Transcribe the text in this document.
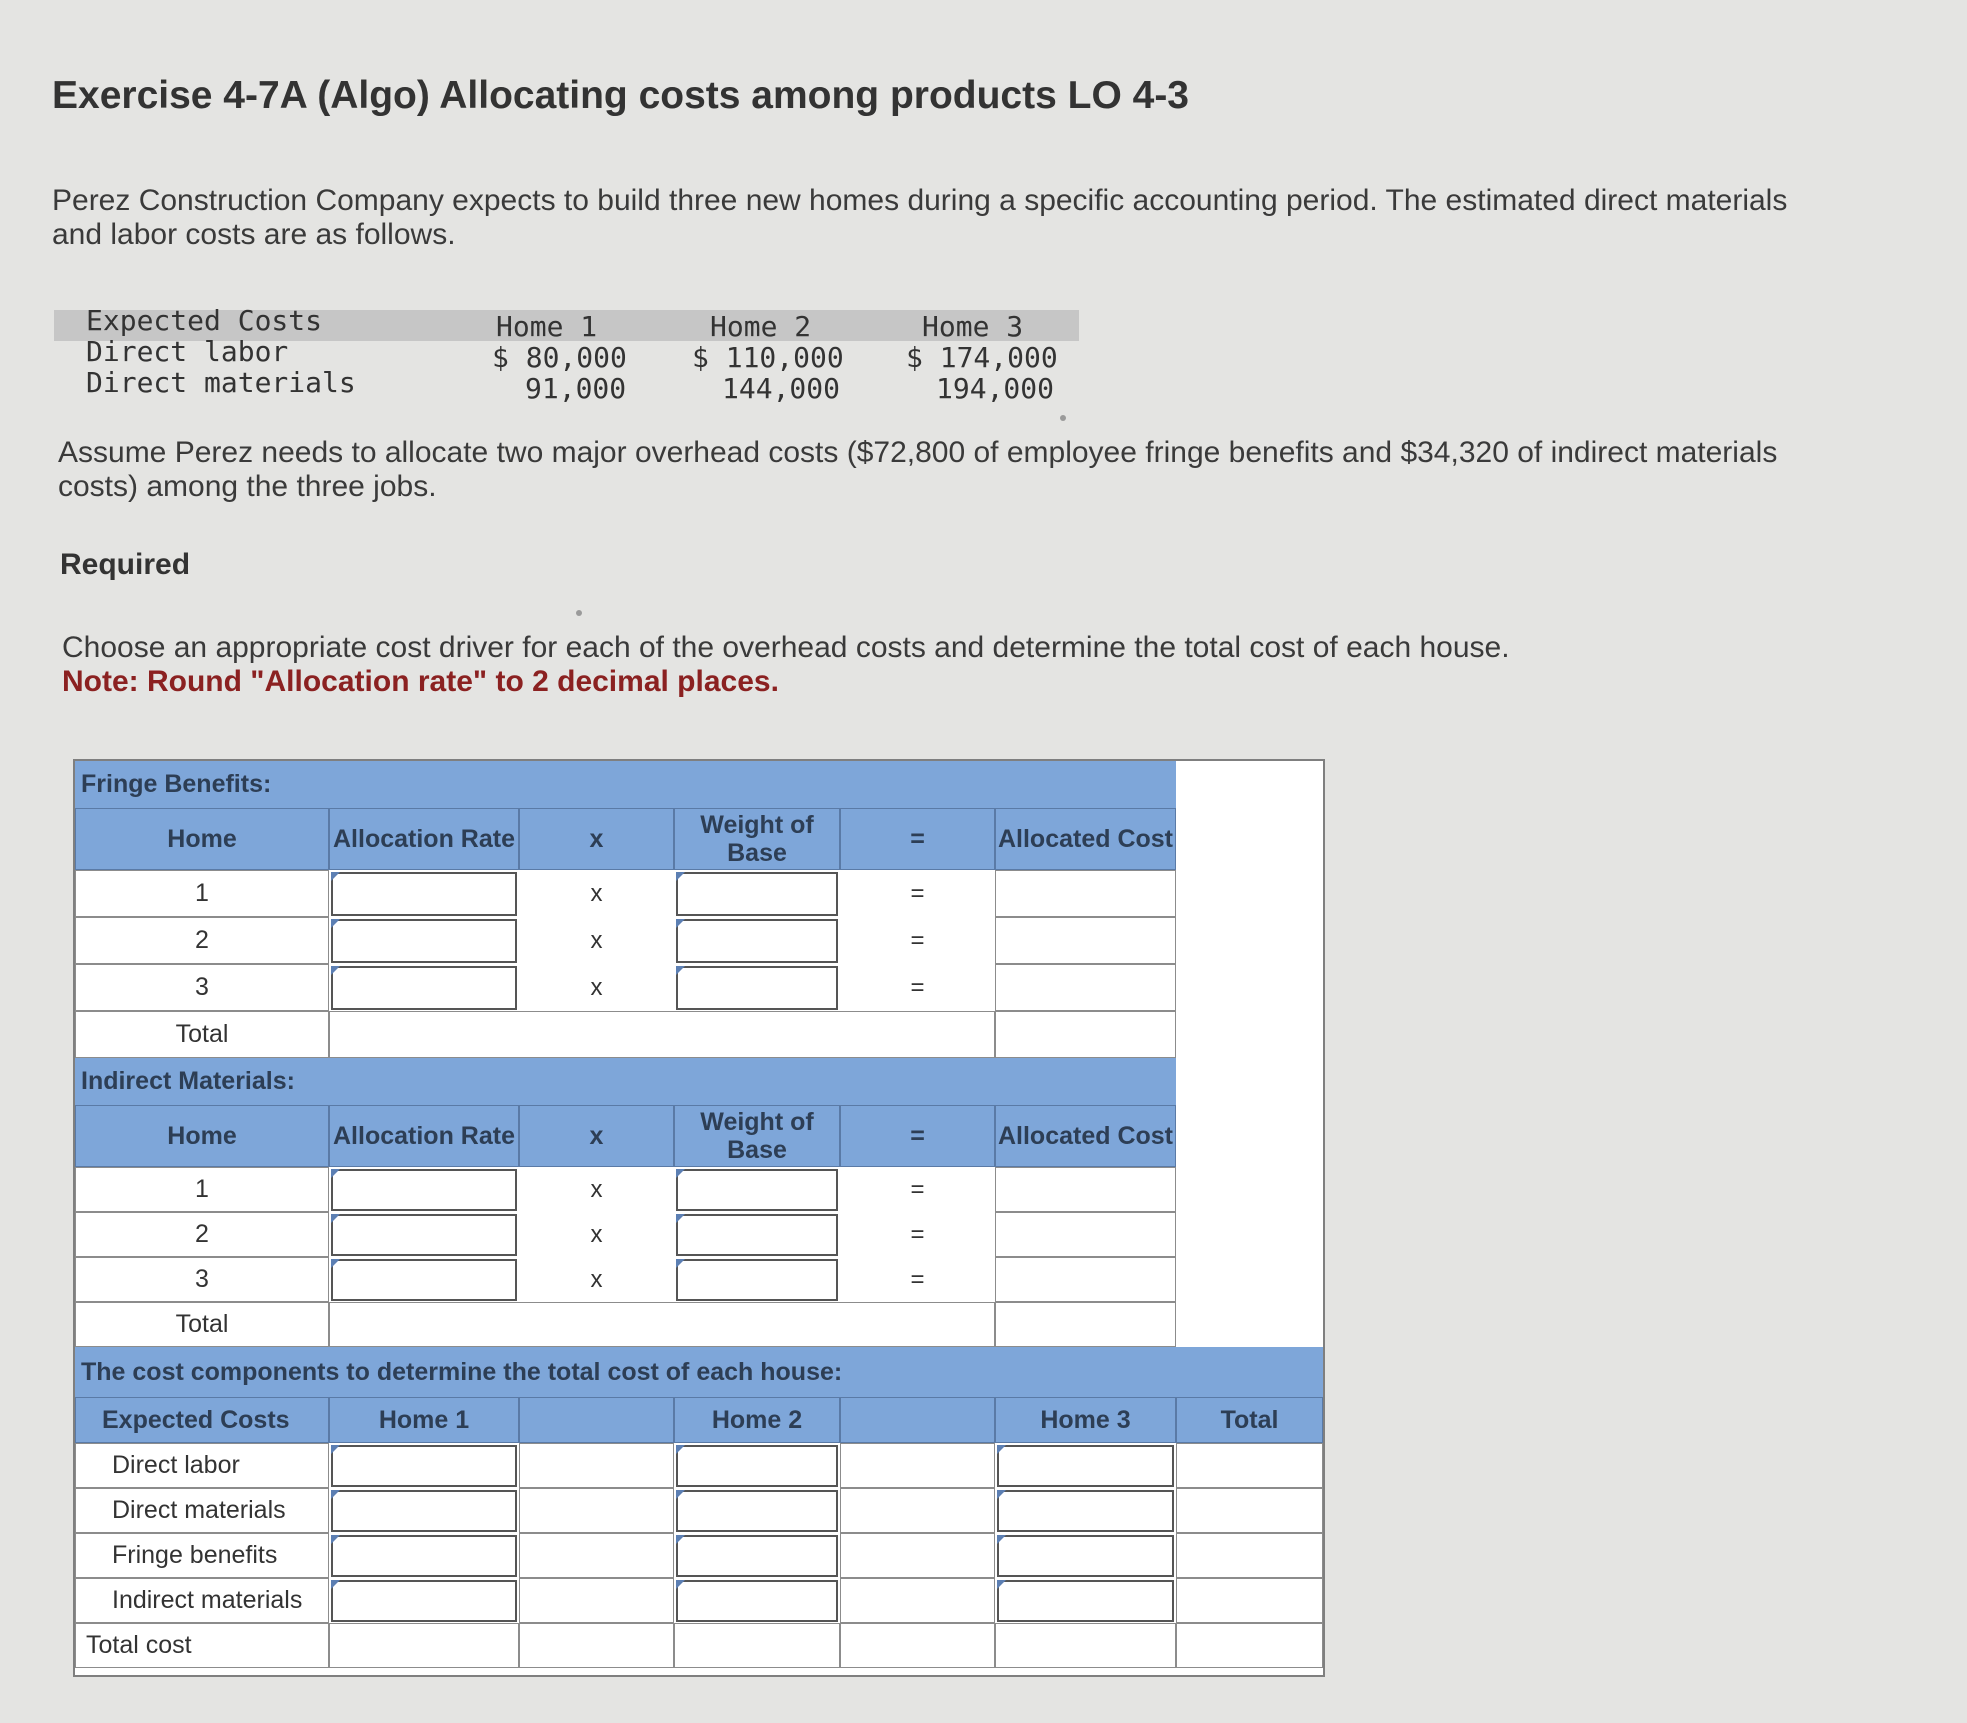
Exercise 4-7A (Algo) Allocating costs among products LO 4-3
Perez Construction Company expects to build three new homes during a specific accounting period. The estimated direct materials
and labor costs are as follows.
Expected Costs	Home 1	Home 2	Home 3
Direct labor	$ 80,000 $ 110,000 $ 174,000
Direct materials	91,000	144,000	194,000
Assume Perez needs to allocate two major overhead costs ($72,800 of employee fringe benefits and $34,320 of indirect materials
costs) among the three jobs.
Required
Choose an appropriate cost driver for each of the overhead costs and determine the total cost of each house.
Note: Round "Allocation rate" to 2 decimal places.
Fringe Benefits:
Home	Allocation Rate	x	Weight of Base	=	Allocated Cost
1	x	=
2	x	=
3	x	=
Total
Indirect Materials:
Home	Allocation Rate	x	Weight of Base	=	Allocated Cost
1	x	=
2	x	=
3	x	=
Total
The cost components to determine the total cost of each house:
Expected Costs	Home 1	Home 2	Home 3	Total
Direct labor
Direct materials
Fringe benefits
Indirect materials
Total cost
